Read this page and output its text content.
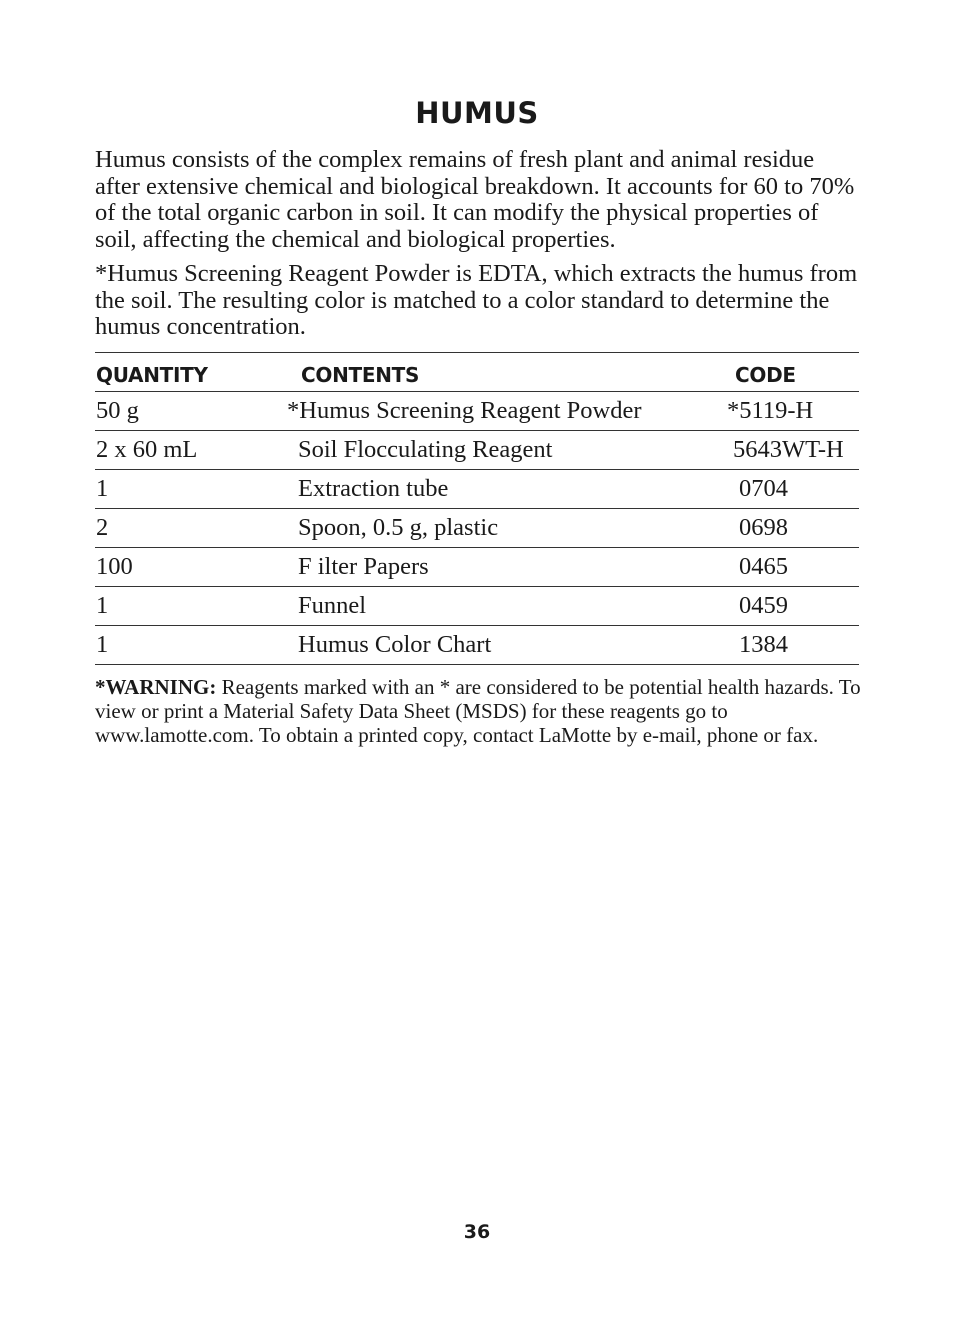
HUMUS

Humus consists of the complex remains of fresh plant and animal residue after extensive chemical and biological breakdown. It accounts for 60 to 70% of the total organic carbon in soil. It can modify the physical properties of soil, affecting the chemical and biological properties.

*Humus Screening Reagent Powder is EDTA, which extracts the humus from the soil. The resulting color is matched to a color standard to determine the humus concentration.

QUANTITY	CONTENTS	CODE
50 g	*Humus Screening Reagent Powder	*5119-H
2 x 60 mL	Soil Flocculating Reagent	5643WT-H
1	Extraction tube	0704
2	Spoon, 0.5 g, plastic	0698
100	F ilter Papers	0465
1	Funnel	0459
1	Humus Color Chart	1384

*WARNING: Reagents marked with an * are considered to be potential health hazards. To view or print a Material Safety Data Sheet (MSDS) for these reagents go to www.lamotte.com. To obtain a printed copy, contact LaMotte by e-mail, phone or fax.

36
